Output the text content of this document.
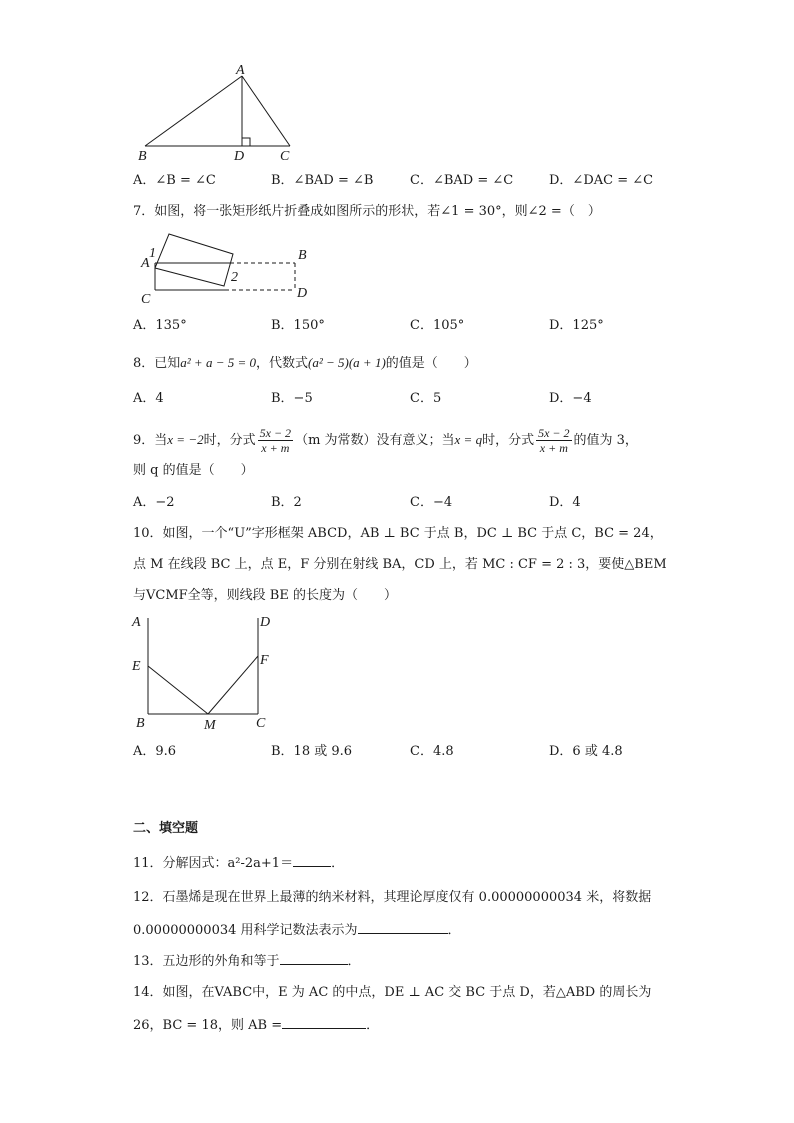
A
B	D	C
A．∠B = ∠C	B．∠BAD = ∠B	C．∠BAD = ∠C	D．∠DAC = ∠C
7．如图，将一张矩形纸片折叠成如图所示的形状，若∠1 = 30°，则∠2 =（　）
1
2
A
B
C	D
A．135°	B．150°	C．105°	D．125°
8．已知a² + a − 5 = 0，代数式(a² − 5)(a + 1)的值是（　　）
A．4	B．−5	C．5	D．−4
9．当x = −2时，分式 $\frac{5x - 2}{x + m} (m$ 为常数）没有意义；当x = q时，分式 $\frac{5x - 2}{x + m}$ 的值为 3，
则 q 的值是（　　）
A．−2	B．2	C．−4	D．4
10．如图，一个“U”字形框架 ABCD，AB ⊥ BC 于点 B，DC ⊥ BC 于点 C，BC = 24，
点 M 在线段 BC 上，点 E，F 分别在射线 BA，CD 上，若 MC : CF = 2 : 3，要使△BEM
与VCMF全等，则线段 BE 的长度为（　　）
A	D
E	F
B	M	C
A．9.6	B．18 或 9.6	C．4.8	D．6 或 4.8
二、填空题
11．分解因式：a²-2a+1＝	．
12．石墨烯是现在世界上最薄的纳米材料，其理论厚度仅有 0.00000000034 米，将数据
0.00000000034 用科学记数法表示为	．
13．五边形的外角和等于	．
14．如图，在VABC中，E 为 AC 的中点，DE ⊥ AC 交 BC 于点 D，若△ABD 的周长为
26，BC = 18，则 AB =	．
